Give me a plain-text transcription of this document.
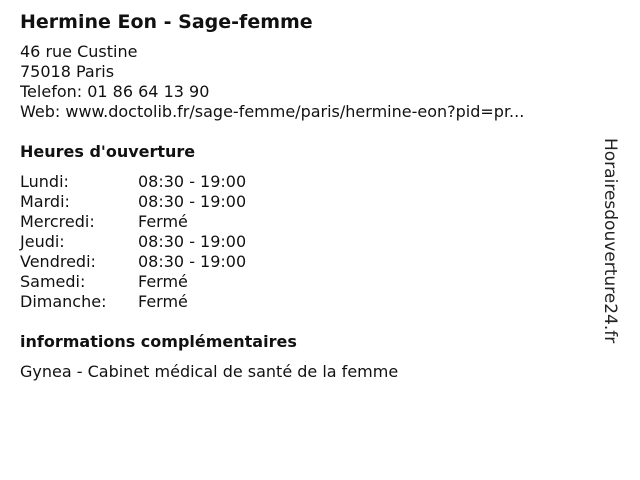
Hermine Eon - Sage-femme
46 rue Custine
75018 Paris
Telefon: 01 86 64 13 90
Web: www.doctolib.fr/sage-femme/paris/hermine-eon?pid=pr...
Heures d'ouverture
Lundi:	08:30 - 19:00
Mardi:	08:30 - 19:00
Mercredi:	Fermé
Jeudi:	08:30 - 19:00
Vendredi:	08:30 - 19:00
Samedi:	Fermé
Dimanche:	Fermé
informations complémentaires
Gynea - Cabinet médical de santé de la femme
Horairesdouverture24.fr
